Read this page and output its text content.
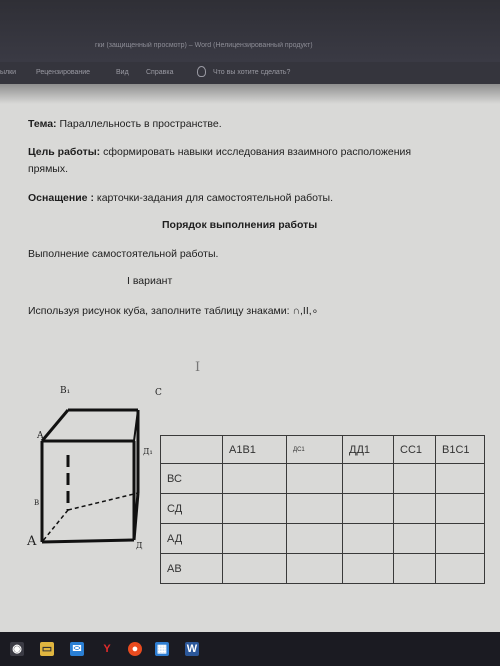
гки (защищенный просмотр) – Word (Нелицензированный продукт)
ылки	Рецензирование	Вид Справка	Что вы хотите сделать?
Тема: Параллельность в пространстве.
Цель работы: сформировать навыки исследования взаимного расположения
прямых.
Оснащение : карточки-задания для самостоятельной работы.
Порядок выполнения работы
Выполнение самостоятельной работы.
I вариант
Используя рисунок куба, заполните таблицу знаками: ∩,II,∘
I
B₁	C
A
Д₁
B
A	Д
	A1B1	ДС1	ДД1	CC1	B1C1
ВС					
СД					
АД					
AB					
◉ ▭ ✉	Y	●	▦ W
